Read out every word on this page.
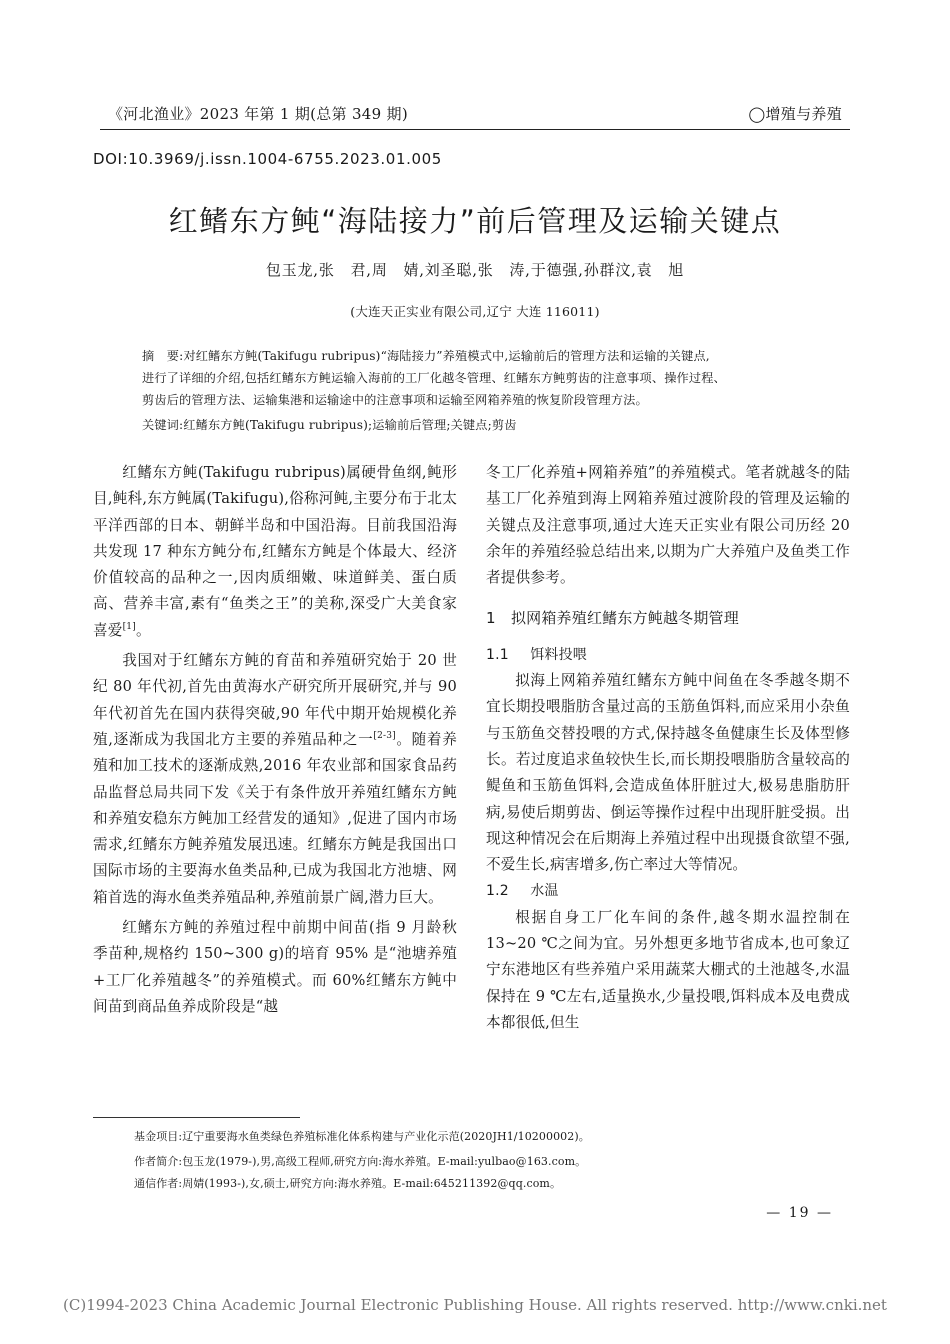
《河北渔业》2023 年第 1 期(总第 349 期)	◯增殖与养殖
DOI:10.3969/j.issn.1004-6755.2023.01.005
红鳍东方鲀“海陆接力”前后管理及运输关键点
包玉龙,张　君,周　婧,刘圣聪,张　涛,于德强,孙群汶,袁　旭
(大连天正实业有限公司,辽宁 大连 116011)
摘　要:对红鳍东方鲀(Takifugu rubripus)“海陆接力”养殖模式中,运输前后的管理方法和运输的关键点,
进行了详细的介绍,包括红鳍东方鲀运输入海前的工厂化越冬管理、红鳍东方鲀剪齿的注意事项、操作过程、
剪齿后的管理方法、运输集港和运输途中的注意事项和运输至网箱养殖的恢复阶段管理方法。
关键词:红鳍东方鲀(Takifugu rubripus);运输前后管理;关键点;剪齿

红鳍东方鲀(Takifugu rubripus)属硬骨鱼纲,鲀形目,鲀科,东方鲀属(Takifugu),俗称河鲀,主要分布于北太平洋西部的日本、朝鲜半岛和中国沿海。目前我国沿海共发现 17 种东方鲀分布,红鳍东方鲀是个体最大、经济价值较高的品种之一,因肉质细嫩、味道鲜美、蛋白质高、营养丰富,素有“鱼类之王”的美称,深受广大美食家喜爱[1]。

我国对于红鳍东方鲀的育苗和养殖研究始于 20 世纪 80 年代初,首先由黄海水产研究所开展研究,并与 90 年代初首先在国内获得突破,90 年代中期开始规模化养殖,逐渐成为我国北方主要的养殖品种之一[2-3]。随着养殖和加工技术的逐渐成熟,2016 年农业部和国家食品药品监督总局共同下发《关于有条件放开养殖红鳍东方鲀和养殖安稳东方鲀加工经营发的通知》,促进了国内市场需求,红鳍东方鲀养殖发展迅速。红鳍东方鲀是我国出口国际市场的主要海水鱼类品种,已成为我国北方池塘、网箱首选的海水鱼类养殖品种,养殖前景广阔,潜力巨大。

红鳍东方鲀的养殖过程中前期中间苗(指 9 月龄秋季苗种,规格约 150~300 g)的培育 95% 是“池塘养殖+工厂化养殖越冬”的养殖模式。而 60%红鳍东方鲀中间苗到商品鱼养成阶段是“越

冬工厂化养殖+网箱养殖”的养殖模式。笔者就越冬的陆基工厂化养殖到海上网箱养殖过渡阶段的管理及运输的关键点及注意事项,通过大连天正实业有限公司历经 20 余年的养殖经验总结出来,以期为广大养殖户及鱼类工作者提供参考。

1　 拟网箱养殖红鳍东方鲀越冬期管理
1.1　 饵料投喂

拟海上网箱养殖红鳍东方鲀中间鱼在冬季越冬期不宜长期投喂脂肪含量过高的玉筋鱼饵料,而应采用小杂鱼与玉筋鱼交替投喂的方式,保持越冬鱼健康生长及体型修长。若过度追求鱼较快生长,而长期投喂脂肪含量较高的鳀鱼和玉筋鱼饵料,会造成鱼体肝脏过大,极易患脂肪肝病,易使后期剪齿、倒运等操作过程中出现肝脏受损。出现这种情况会在后期海上养殖过程中出现摄食欲望不强,不爱生长,病害增多,伤亡率过大等情况。

1.2　 水温

根据自身工厂化车间的条件,越冬期水温控制在 13~20 ℃之间为宜。另外想更多地节省成本,也可象辽宁东港地区有些养殖户采用蔬菜大棚式的土池越冬,水温保持在 9 ℃左右,适量换水,少量投喂,饵料成本及电费成本都很低,但生

基金项目:辽宁重要海水鱼类绿色养殖标准化体系构建与产业化示范(2020JH1/10200002)。
作者简介:包玉龙(1979-),男,高级工程师,研究方向:海水养殖。E-mail:yulbao@163.com。
通信作者:周婧(1993-),女,硕士,研究方向:海水养殖。E-mail:645211392@qq.com。
— 19 —
(C)1994-2023 China Academic Journal Electronic Publishing House. All rights reserved. http://www.cnki.net
